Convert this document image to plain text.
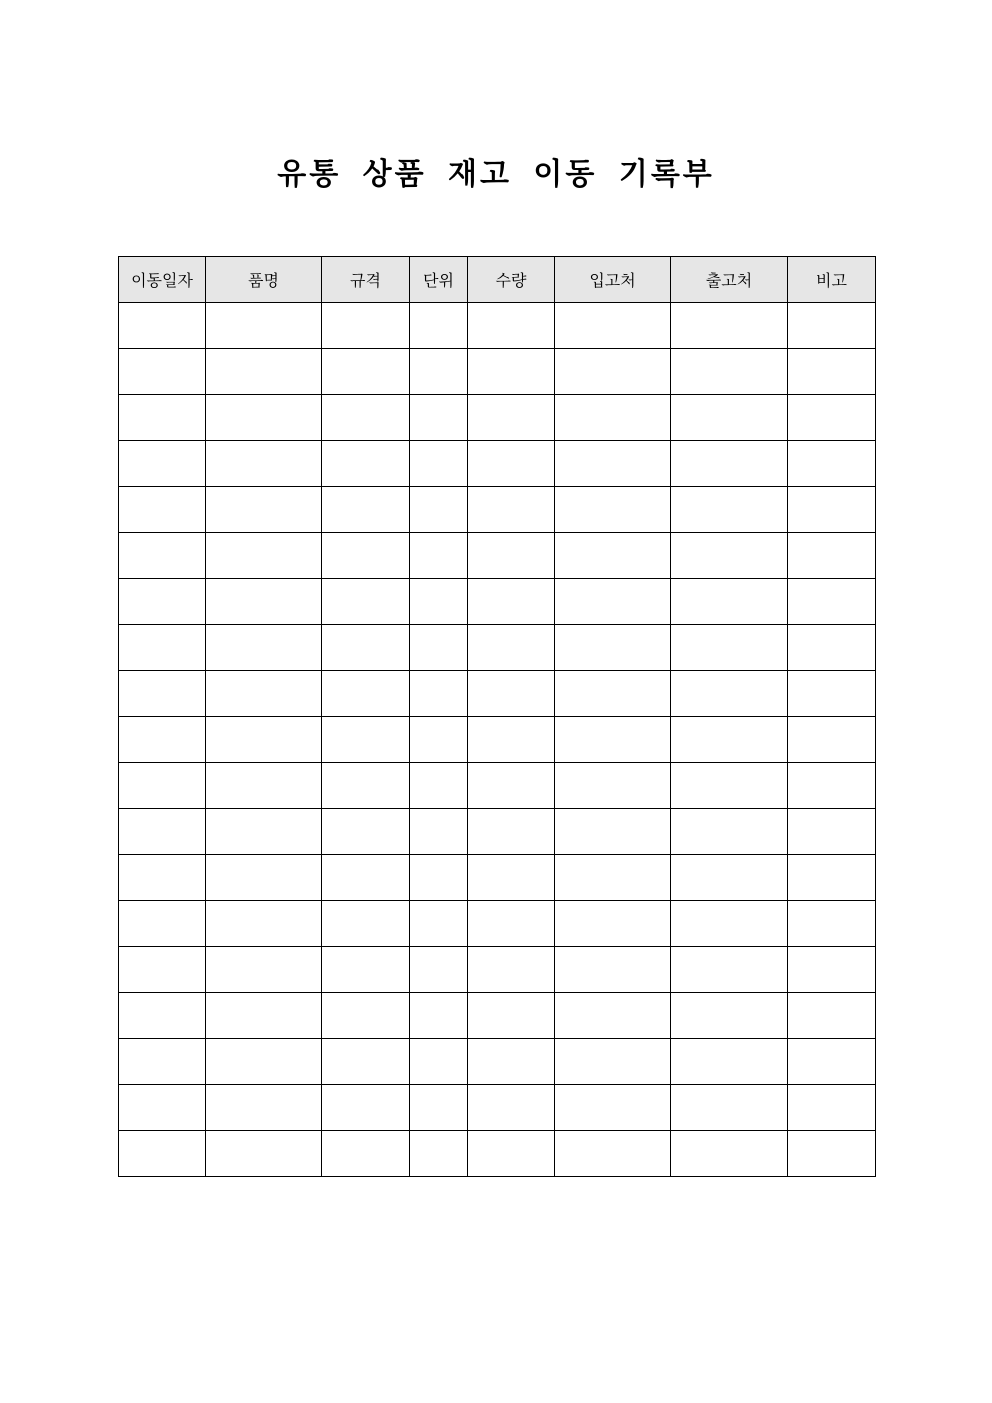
유통 상품 재고 이동 기록부
이동일자	품명	규격	단위	수량	입고처	출고처	비고
